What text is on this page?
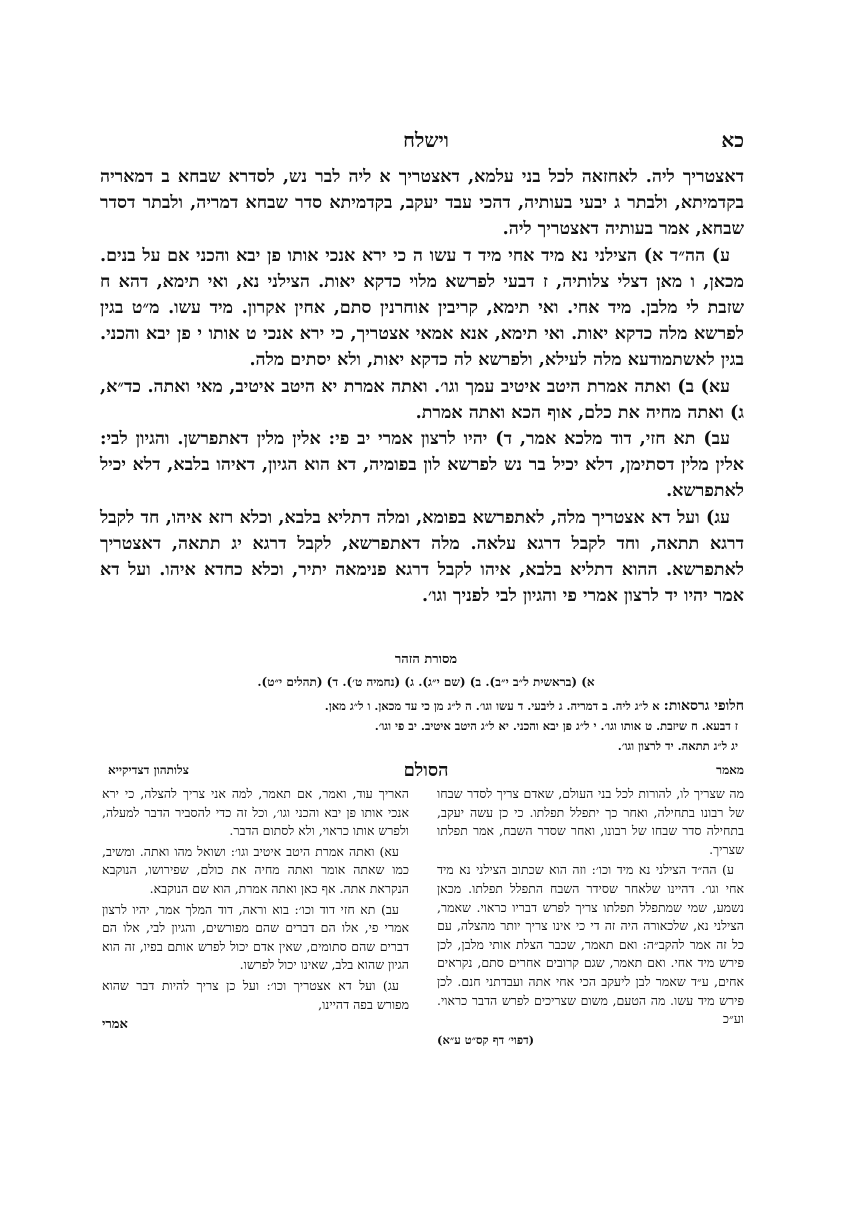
כא
וישלח

דאצטריך ליה. לאחזאה לכל בני עלמא, דאצטריך א ליה לבר נש, לסדרא שבחא ב דמאריה בקדמיתא, ולבתר ג יבעי בעותיה, דהכי עבד יעקב, בקדמיתא סדר שבחא דמריה, ולבתר דסדר שבחא, אמר בעותיה דאצטריך ליה.

ע) הה״ד א) הצילני נא מיד אחי מיד ד עשו ה כי ירא אנכי אותו פן יבא והכני אם על בנים. מכאן, ו מאן דצלי צלותיה, ז דבעי לפרשא מלוי כדקא יאות. הצילני נא, ואי תימא, דהא ח שזבת לי מלבן. מיד אחי. ואי תימא, קריבין אוחרנין סתם, אחין אקרון. מיד עשו. מ״ט בגין לפרשא מלה כדקא יאות. ואי תימא, אנא אמאי אצטריך, כי ירא אנכי ט אותו י פן יבא והכני. בגין לאשתמודעא מלה לעילא, ולפרשא לה כדקא יאות, ולא יסתים מלה.

עא) ב) ואתה אמרת היטב איטיב עמך וגו׳. ואתה אמרת יא היטב איטיב, מאי ואתה. כד״א, ג) ואתה מחיה את כלם, אוף הכא ואתה אמרת.

עב) תא חזי, דוד מלכא אמר, ד) יהיו לרצון אמרי יב פי: אלין מלין דאתפרשן. והגיון לבי: אלין מלין דסתימן, דלא יכיל בר נש לפרשא לון בפומיה, דא הוא הגיון, דאיהו בלבא, דלא יכיל לאתפרשא.

עג) ועל דא אצטריך מלה, לאתפרשא בפומא, ומלה דתליא בלבא, וכלא רזא איהו, חד לקבל דרגא תתאה, וחד לקבל דרגא עלאה. מלה דאתפרשא, לקבל דרגא יג תתאה, דאצטריך לאתפרשא. ההוא דתליא בלבא, איהו לקבל דרגא פנימאה יתיר, וכלא כחדא איהו. ועל דא אמר יהיו יד לרצון אמרי פי והגיון לבי לפניך וגו׳.

מסורת הזהר
א) (בראשית ל״ב י״ב). ב) (שם י״ג). ג) (נחמיה ט׳). ד) (תהלים י״ט).
חלופי גרסאות: א ל״ג ליה. ב דמריה. ג ליבעי. ד עשו וגו׳. ה ל״ג מן כי עד מכאן. ו ל״ג מאן.
ז דבעא. ח שיזבת. ט אותו וגו׳. י ל״ג פן יבא והכני. יא ל״ג היטב איטיב. יב פי וגו׳.
יג ל״ג תתאה. יד לרצון וגו׳.
מאמר
הסולם
צלותהון דצדיקייא

מה שצריך לו, להורות לכל בני העולם, שאדם צריך לסדר שבחו של רבונו בתחילה, ואחר כך יתפלל תפלתו. כי כן עשה יעקב, בתחילה סדר שבחו של רבונו, ואחר שסדר השבח, אמר תפלתו שצריך.

ע) הה״ד הצילני נא מיד וכו׳: וזה הוא שכתוב הצילני נא מיד אחי וגו׳. דהיינו שלאחר שסידר השבח התפלל תפלתו. מכאן נשמע, שמי שמתפלל תפלתו צריך לפרש דבריו כראוי. שאמר, הצילני נא, שלכאורה היה זה די כי אינו צריך יותר מהצלה, עם כל זה אמר להקב״ה: ואם תאמר, שכבר הצלת אותי מלבן, לכן פירש מיד אחי. ואם תאמר, שגם קרובים אחרים סתם, נקראים אחים, ע״ד שאמר לבן ליעקב הכי אחי אתה ועבדתני חנם. לכן פירש מיד עשו. מה הטעם, משום שצריכים לפרש הדבר כראוי. וע״כ

(דפוי׳ דף קס״ט ע״א)

האריך עוד, ואמר, אם תאמר, למה אני צריך להצלה, כי ירא אנכי אותו פן יבא והכני וגו׳, וכל זה כדי להסביר הדבר למעלה, ולפרש אותו כראוי, ולא לסתום הדבר.

עא) ואתה אמרת היטב איטיב וגו׳: ושואל מהו ואתה. ומשיב, כמו שאתה אומר ואתה מחיה את כולם, שפירושו, הנוקבא הנקראת אתה. אף כאן ואתה אמרת, הוא שם הנוקבא.

עב) תא חזי דוד וכו׳: בוא וראה, דוד המלך אמר, יהיו לרצון אמרי פי, אלו הם דברים שהם מפורשים, והגיון לבי, אלו הם דברים שהם סתומים, שאין אדם יכול לפרש אותם בפיו, זה הוא הגיון שהוא בלב, שאינו יכול לפרשו.

עג) ועל דא אצטריך וכו׳: ועל כן צריך להיות דבר שהוא מפורש בפה דהיינו,

אמרי
